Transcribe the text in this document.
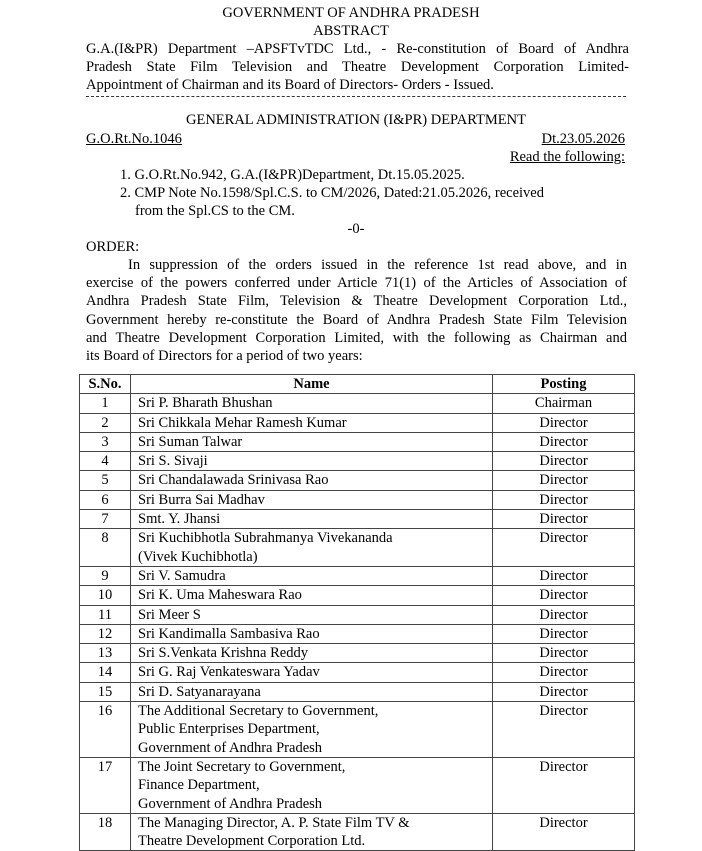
GOVERNMENT OF ANDHRA PRADESH
ABSTRACT
G.A.(I&PR) Department –APSFTvTDC Ltd., - Re-constitution of Board of Andhra
Pradesh State Film Television and Theatre Development Corporation Limited-
Appointment of Chairman and its Board of Directors- Orders - Issued.
GENERAL ADMINISTRATION (I&PR) DEPARTMENT
G.O.Rt.No.1046	Dt.23.05.2026
Read the following:
1. G.O.Rt.No.942, G.A.(I&PR)Department, Dt.15.05.2025.
2. CMP Note No.1598/Spl.C.S. to CM/2026, Dated:21.05.2026, received
from the Spl.CS to the CM.
-0-
ORDER:
In suppression of the orders issued in the reference 1st read above, and in
exercise of the powers conferred under Article 71(1) of the Articles of Association of
Andhra Pradesh State Film, Television & Theatre Development Corporation Ltd.,
Government hereby re-constitute the Board of Andhra Pradesh State Film Television
and Theatre Development Corporation Limited, with the following as Chairman and
its Board of Directors for a period of two years:
S.No.	Name	Posting
1	Sri P. Bharath Bhushan	Chairman
2	Sri Chikkala Mehar Ramesh Kumar	Director
3	Sri Suman Talwar	Director
4	Sri S. Sivaji	Director
5	Sri Chandalawada Srinivasa Rao	Director
6	Sri Burra Sai Madhav	Director
7	Smt. Y. Jhansi	Director
8	Sri Kuchibhotla Subrahmanya Vivekananda
(Vivek Kuchibhotla)	Director
9	Sri V. Samudra	Director
10	Sri K. Uma Maheswara Rao	Director
11	Sri Meer S	Director
12	Sri Kandimalla Sambasiva Rao	Director
13	Sri S.Venkata Krishna Reddy	Director
14	Sri G. Raj Venkateswara Yadav	Director
15	Sri D. Satyanarayana	Director
16	The Additional Secretary to Government,
Public Enterprises Department,
Government of Andhra Pradesh	Director
17	The Joint Secretary to Government,
Finance Department,
Government of Andhra Pradesh	Director
18	The Managing Director, A. P. State Film TV &
Theatre Development Corporation Ltd.	Director
